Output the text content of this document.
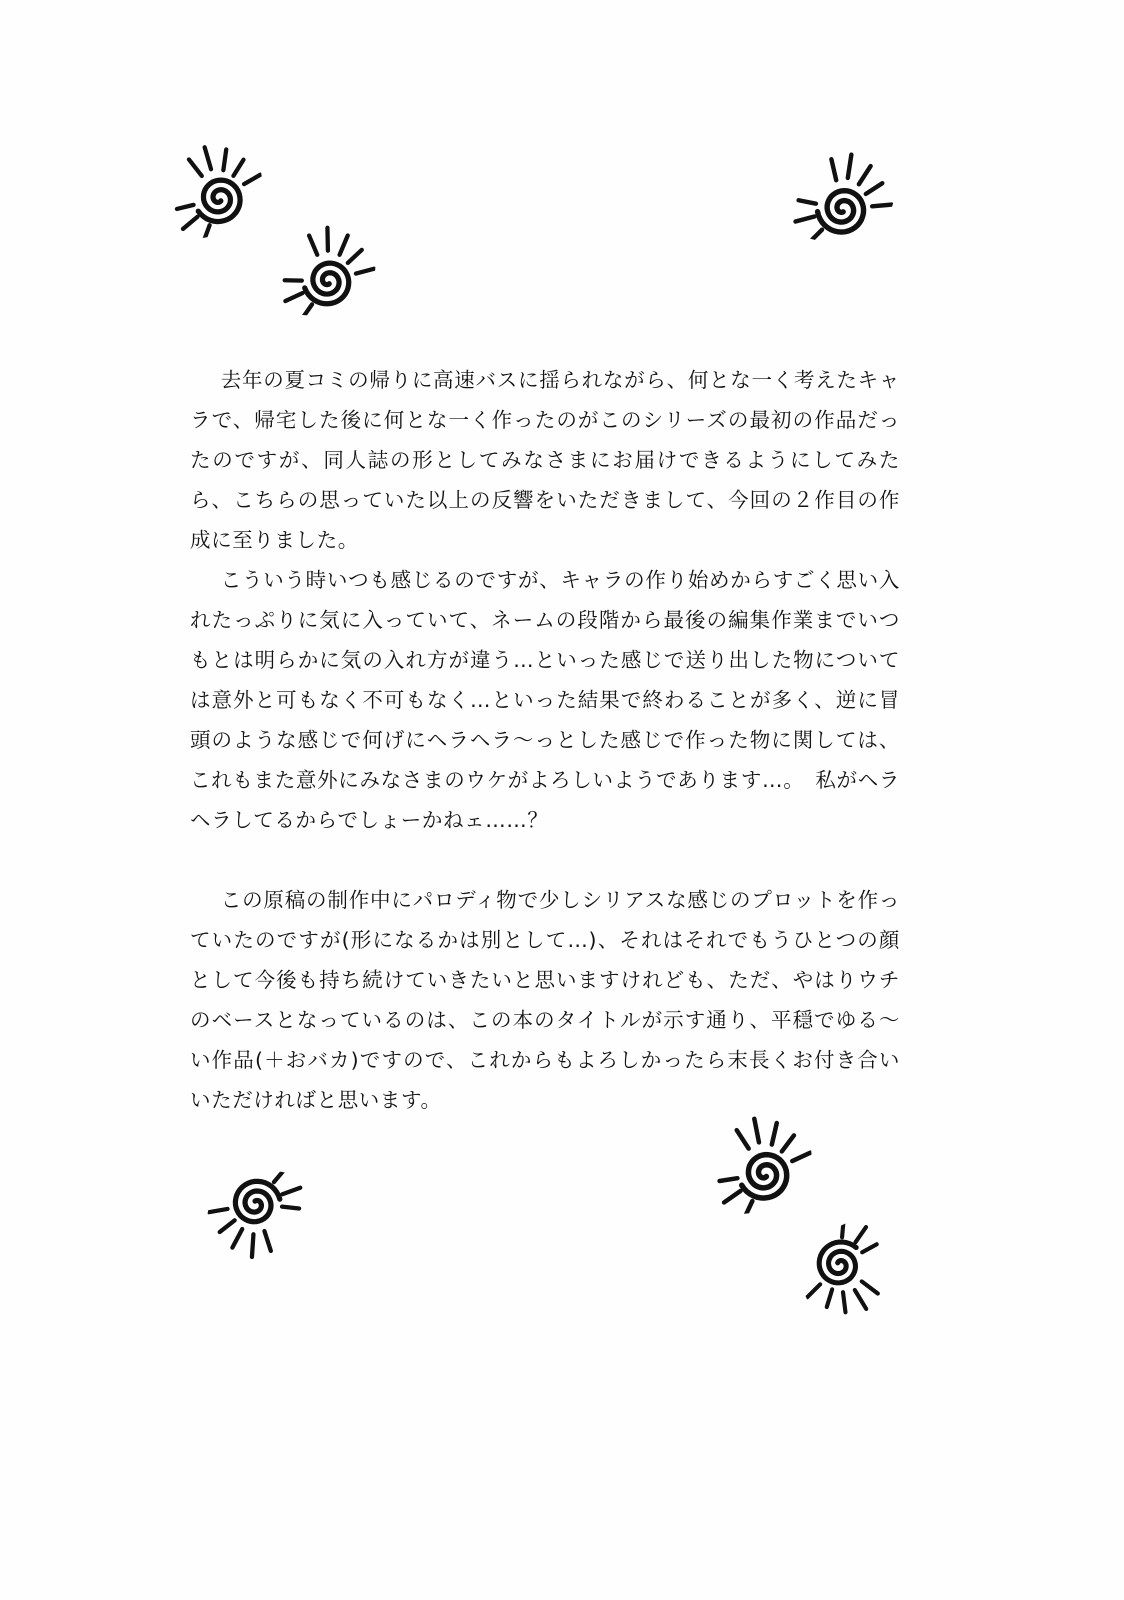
去年の夏コミの帰りに高速バスに揺られながら、何とな一く考えたキャラで、帰宅した後に何とな一く作ったのがこのシリーズの最初の作品だったのですが、同人誌の形としてみなさまにお届けできるようにしてみたら、こちらの思っていた以上の反響をいただきまして、今回の２作目の作成に至りました。

こういう時いつも感じるのですが、キャラの作り始めからすごく思い入れたっぷりに気に入っていて、ネームの段階から最後の編集作業までいつもとは明らかに気の入れ方が違う…といった感じで送り出した物については意外と可もなく不可もなく…といった結果で終わることが多く、逆に冒頭のような感じで何げにヘラヘラ～っとした感じで作った物に関しては、これもまた意外にみなさまのウケがよろしいようであります…。　私がヘラヘラしてるからでしょーかねェ……？

この原稿の制作中にパロディ物で少しシリアスな感じのプロットを作っていたのですが(形になるかは別として…)、それはそれでもうひとつの顔として今後も持ち続けていきたいと思いますけれども、ただ、やはりウチのベースとなっているのは、この本のタイトルが示す通り、平穏でゆる～い作品(＋おバカ)ですので、これからもよろしかったら末長くお付き合いいただければと思います。
